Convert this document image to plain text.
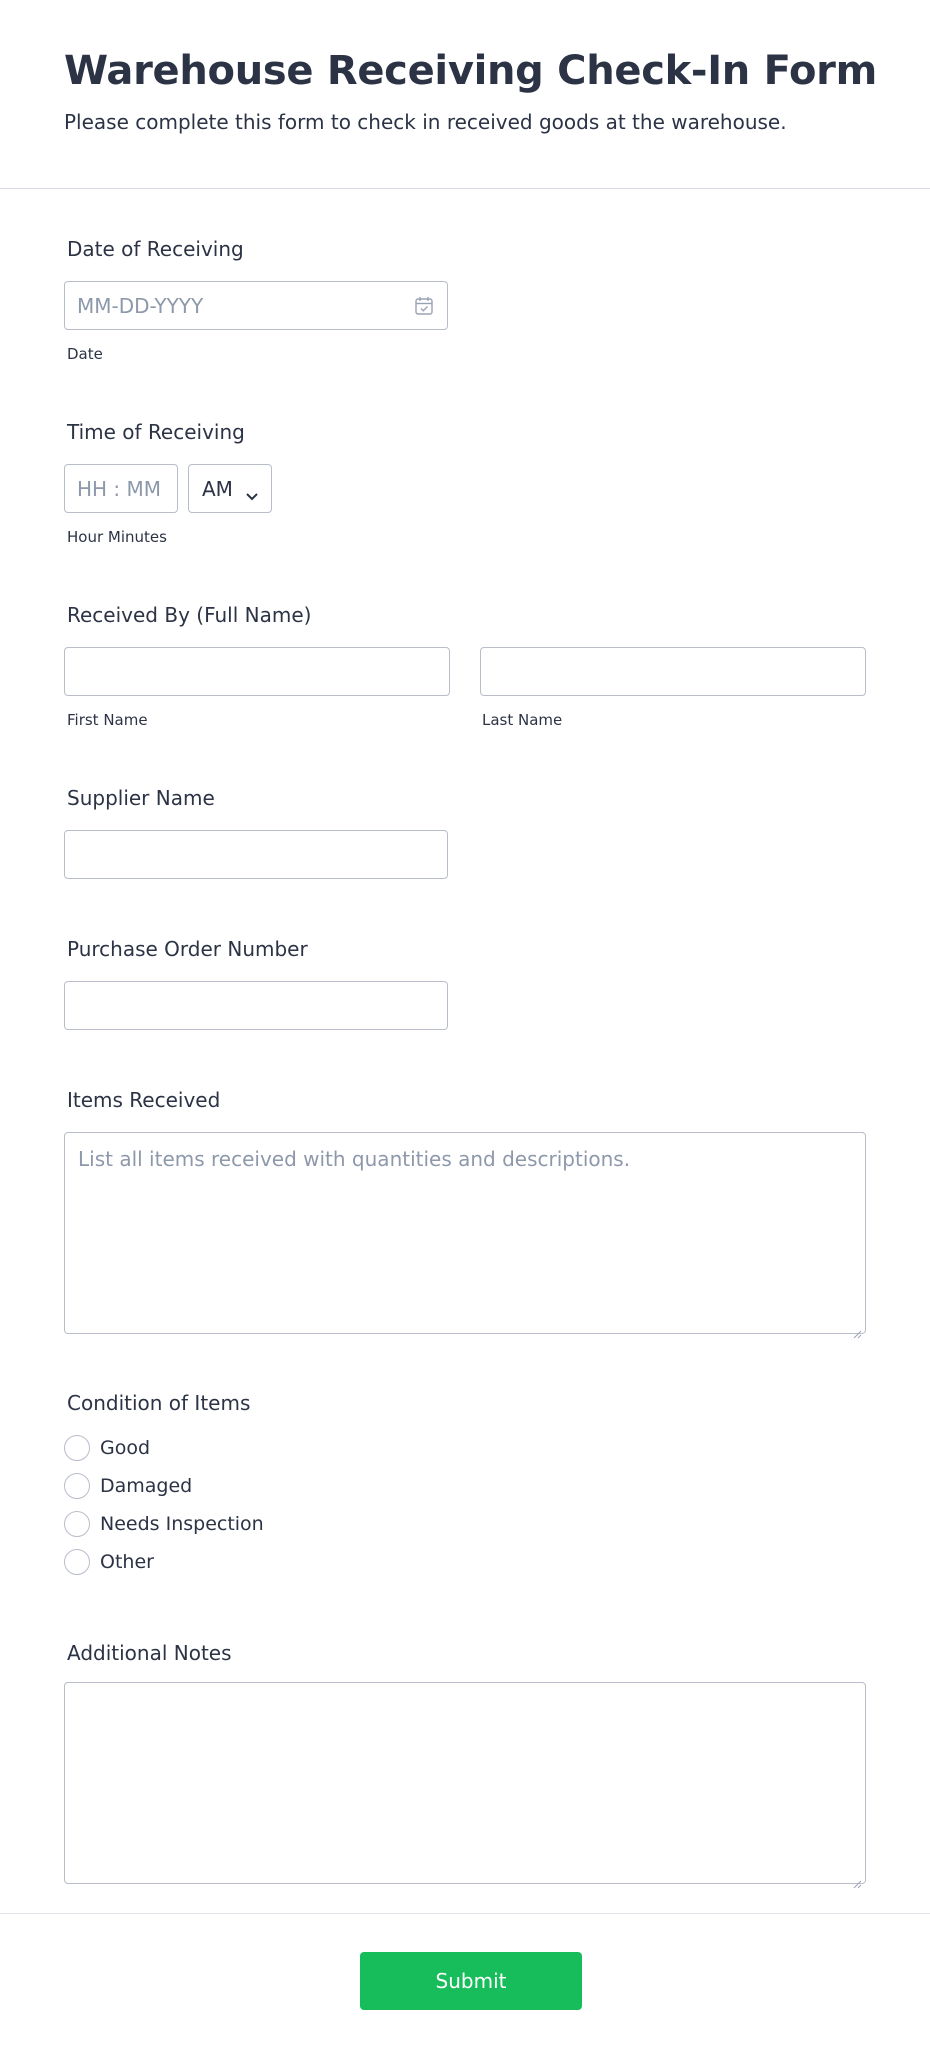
Warehouse Receiving Check-In Form
Please complete this form to check in received goods at the warehouse.
Date of Receiving
MM-DD-YYYY
Date
Time of Receiving
HH : MM AM
Hour Minutes
Received By (Full Name)
First Name	Last Name
Supplier Name
Purchase Order Number
Items Received
List all items received with quantities and descriptions.
Condition of Items
Good
Damaged
Needs Inspection
Other
Additional Notes
Submit
